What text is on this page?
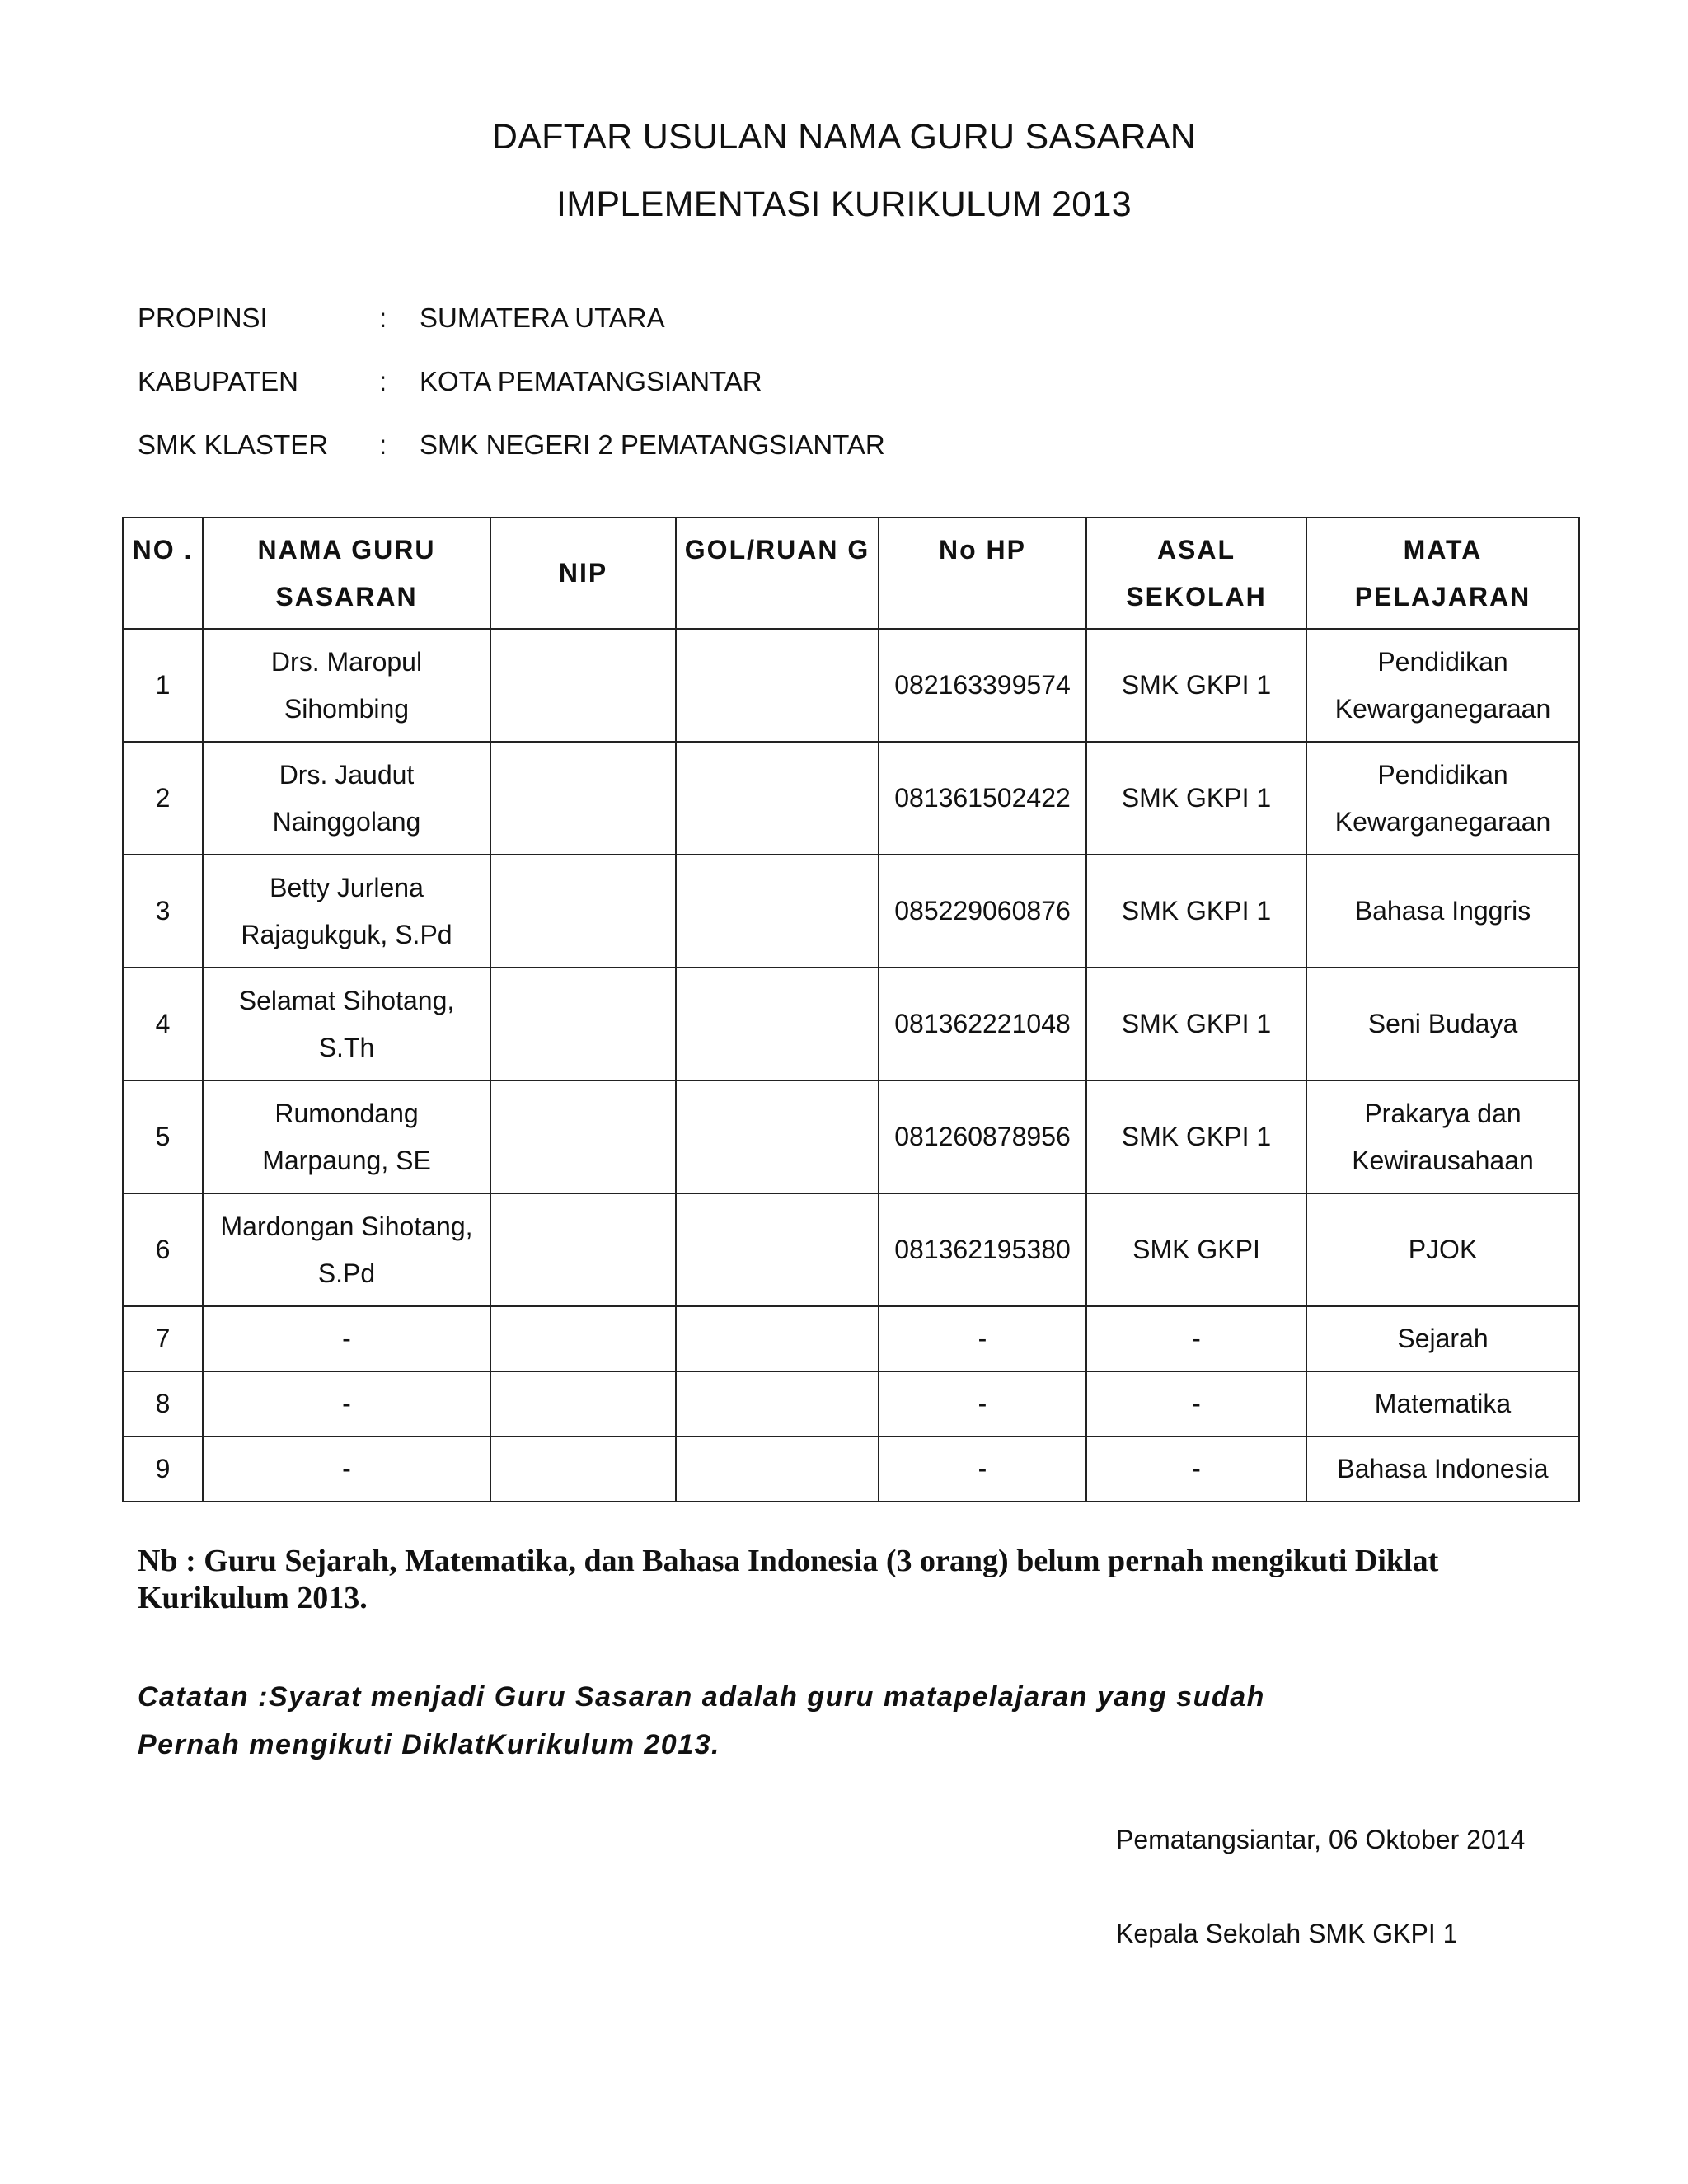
DAFTAR USULAN NAMA GURU SASARAN
IMPLEMENTASI KURIKULUM 2013
PROPINSI	: SUMATERA UTARA
KABUPATEN	: KOTA PEMATANGSIANTAR
SMK KLASTER : SMK NEGERI 2 PEMATANGSIANTAR
NO .	NAMA GURU SASARAN	NIP	GOL/RUAN G	No HP	ASAL SEKOLAH	MATA PELAJARAN
1	Drs. Maropul Sihombing			082163399574	SMK GKPI 1	Pendidikan Kewarganegaraan
2	Drs. Jaudut Nainggolang			081361502422	SMK GKPI 1	Pendidikan Kewarganegaraan
3	Betty Jurlena Rajagukguk, S.Pd			085229060876	SMK GKPI 1	Bahasa Inggris
4	Selamat Sihotang, S.Th			081362221048	SMK GKPI 1	Seni Budaya
5	Rumondang Marpaung, SE			081260878956	SMK GKPI 1	Prakarya dan Kewirausahaan
6	Mardongan Sihotang, S.Pd			081362195380	SMK GKPI	PJOK
7	-			-	-	Sejarah
8	-			-	-	Matematika
9	-			-	-	Bahasa Indonesia
Nb : Guru Sejarah, Matematika, dan Bahasa Indonesia (3 orang) belum pernah mengikuti Diklat Kurikulum 2013.
Catatan :Syarat menjadi Guru Sasaran adalah guru matapelajaran yang sudah
Pernah mengikuti DiklatKurikulum 2013.
Pematangsiantar, 06 Oktober 2014
Kepala Sekolah SMK GKPI 1
